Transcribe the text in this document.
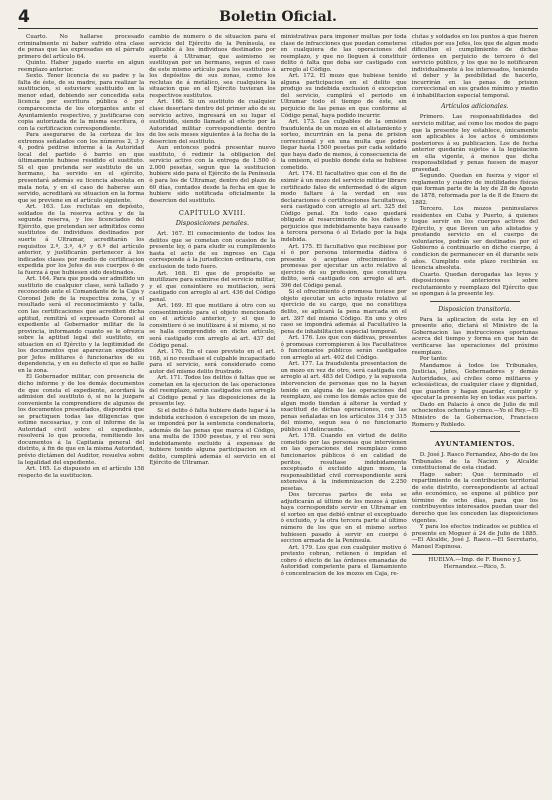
4	Boletin Oficial.

Cuarto. No hallarse procesado criminalmente ni haber sufrido otra clase de penas que las expresadas en el párrafo primero del artículo 64.

Quinto. Haber jugado suerte en algun reemplazo anterior.

Sexto. Tener licencia de su padre y la falta de éste, de su madre, para realizar la sustitucion, si estuviere sustituido en la menor edad, debiendo ser concedida esta licencia por escritura pública ó por comparecencia de los otorgantes ante el Ayuntamiento respectivo, y justificarse con copia autorizada de la misma escritura, ó con la certificacion correspondiente.

Para asegurarse de la certeza de los extremos señalados con los números 2, 3 y 4, podrá pedirse informe á la Autoridad local del partido ó barrio en que últimamente hubiese residido el sustituto. Si el que pretenda ser sustituto de un hermano, ha servido en el ejército, presentará además su licencia absoluta en mala nota, y en el caso de haberse aun servido, acreditará su situacion en la forma que se previene en el artículo siguiente.

Art. 163. Los reclutas en depósito, soldados de la reserva activa y de la segunda reserva, y los licenciados del Ejército, que pretendan ser admitidos como sustitutos de individuos destinados por suerte á Ultramar, acreditarán los requisitos 2.º, 3.º, 4.º y 6.º del artículo anterior, y justificarán pertenecer á los indicados clases por medio de certificacion expedida por los Jefes de sus cuerpos ó de la fuerza á que hubiesen sido destinados.

Art. 164. Para que pueda ser admitido un sustituto de cualquier clase, será tallado y reconocido ante el Comandante de la Caja y Coronel Jefe de la respectiva zona, y el resultado será el reconocimiento y talla, con las certificaciones que acrediten dicha aptitud, remitirá el expresado Coronel al expediente al Gobernador militar de la provincia, informando cuanto se le ofrezca sobre la aptitud legal del sustituto, en situacion en el Ejército y la legitimidad de los documentos que aparezcan expedidos por Jefes militares ó funcionarios de su dependencia, y en su defecto el que se halle en la zona.

El Gobernador militar, con presencia de dicho informe y de los demás documentos de que consta el expediente, acordará la admision del sustituto ó, si no la juzgare conveniente la comprendiere de algunos de los documentos presentados, dispondrá que se practiquen todas las diligencias que estime necesarias, y con el informe de la Autoridad civil sobre el expediente, resolverá lo que proceda, remitiendo los documentos á la Capitanía general del distrito, á fin de que en la misma Autoridad, prévio dictámen del Auditor, resuelva sobre la legalidad del expediente.

Art. 165. Lo dispuesto en el artículo 158 respecto de la sustitucion.

cambio de número ó de situacion para el servicio del Ejército de la Península, es aplicable á los individuos destinados por suerte á Ultramar, que asimismo se sustituyan por un hermano, segun el caso de este mismo artículo para los sustitutos á los depósitos de sus zonas, como los reclutas de á metálico, sea cualquiera la situacion que en el Ejército tuvieran los respectivos sustitutos.

Art. 166. Si un sustituto de cualquier clase desertare dentro del primer año de su servicio activo, ingresará en su lugar el sustituido, siendo llamado al efecto por la Autoridad militar correspondiente dentro de los seis meses siguientes á la fecha de la desercion del sustituto.

Aun entonces podrá presentar nuevo sustituto, ó redimir la obligacion del servicio activo con la entrega de 1.500 ó 2.000 pesetas, segun que la sustitucion hubiere sido para el Ejército de la Península ó para los de Ultramar, dentro del plazo de 60 días, contados desde la fecha en que le hubiere sido notificada oficialmente la desercion del sustituto.

CAPÍTULO XVIII.
Disposiciones penales.

Art. 167. El conocimiento de todos los delitos que se cometan con ocasion de la presente ley, ó para eludir su cumplimiento hasta el acto de su ingreso en Caja corresponde á la jurisdiccion ordinaria, con exclusion de todo fuero.

Art. 168. El que de propósito se inutilizare para eximirse del servicio militar, y el que consintiere su mutilacion, será castigado con arreglo al art. 436 del Código penal.

Art. 169. El que mutilare á otro con su consentimiento para el objeto mencionado en el artículo anterior, y el que lo consintiere ó se inutilizare á sí mismo, si no se halla comprendido en dicho artículo, será castigado con arreglo al art. 437 del Código penal.

Art. 170. En el caso previsto en el art. 168, si no resultase el culpable incapacitado para el servicio, será considerado como autor del mismo delito frustrado.

Art. 171. Todos los delitos ó faltas que se cometan en la ejecucion de las operaciones del reemplazo, serán castigados con arreglo al Código penal y las disposiciones de la presente ley.

Si el delito ó falta hubiere dado lugar á la indebida exclusion ó excepcion de un mozo, se impondrá por la sentencia condenatoria, además de las penas que marca el Código, una multa de 1500 pesetas, y el reo será indebidamente excluido á expensas de hubiere tenido alguna participacion en el delito, cumplirá además el servicio en el Ejército de Ultramar.

ministrativas para imponer multas por toda clase de infracciones que puedan cometerse en cualquiera de las operaciones del reemplazo, y que no lleguen á constituir delito ó falta que deba ser castigado con arreglo al Código.

Art. 172. El mozo que hubiese tenido alguna participacion en el delito que produjo su indebida exclusion ó excepcion del servicio, cumplirá el periodo en Ultramar todo el tiempo de éste, sin perjuicio de las penas en que conforme al Código penal, haya podido incurrir.

Art. 173. Los culpables de la omision fraudulenta de un mozo en el alistamiento y sorteo, incurrirán en la pena de prision correccional y en una multa que podrá llegar hasta 1500 pesetas por cada soldado que haya dado de menos, á consecuencia de la omision, el pueblo donde ésta se hubiese cometido.

Art. 174. El facultativo que con el fin de eximir á un mozo del servicio militar librare certificado falso de enfermedad ó de algun modo faltare á la verdad en sus declaraciones ó certificaciones facultativas, será castigado con arreglo al art. 325 del Código penal. En todo caso quedará obligado al resarcimiento de los daños y perjuicios que indebidamente haya causado á tercera persona ó al Estado por la baja indebida.

Art. 175. El facultativo que recibiese por sí ó por persona intermedia dádiva ó presente ó aceptase ofrecimientos ó promesas por ejecutar un acto relativo al ejercicio de su profesion, que constituya delito, será castigado con arreglo al art. 396 del Código penal.

Si el ofrecimiento ó promesa tuviese por objeto ejecutar un acto injusto relativo al ejercicio de su cargo, que no constituya delito, se aplicará la pena marcada en el art. 397 del mismo Código. En uno y otro caso se impondrá además al Facultativo la pena de inhabilitacion especial temporal.

Art. 176. Los que con dádivas, presentes ó promesas corrompieren á los Facultativos ó funcionarios públicos serán castigados con arreglo al art. 402 del Código.

Art. 177. La fraudulenta presentacion de un mozo en vez de otro, será castigada con arreglo al art. 483 del Código, y la supuesta intervencion de personas que no la hayan tenido en alguna de las operaciones del reemplazo, así como los demás actos que de algun modo tiendan á alterar la verdad y exactitud de dichas operaciones, con las penas señaladas en los artículos 314 y 315 del mismo, segun sea ó no funcionario público el delincuente.

Art. 178. Cuando en virtud de delito cometido por las personas que intervienen en las operaciones del reemplazo como funcionarios públicos ó en calidad de peritos, resultase indebidamente exceptuado ó excluido algun mozo, la responsabilidad civil correspondiente será extensiva á la indemnizacion de 2.250 pesetas.

Dos terceras partes de esta se adjudicarán al último de los mozos á quien haya correspondido servir en Ultramar en el sorteo en que debió entrar el exceptuado ó excluido, y la otra tercera parte al último número de los que en el mismo sorteo hubiesen pasado á servir en cuerpo ó seccion armada de la Península.

Art. 179. Los que con cualquier motivo ó pretexto cobran, retienen ó impidan el cobro ó efecto de las órdenes emanadas de Autoridad competente para el llamamiento ó concentracion de los mozos en Caja, re-

clutas y soldados en los puntos á que fueren citados por sus Jefes, los que de algun modo dificulten el cumplimiento de dichas órdenes en perjuicio de tercero ó del servicio público, y los que no lo notificaren individualmente á los interesados, teniendo el deber y la posibilidad de hacerlo, incurrirán en las penas de prision correccional en sus grados mínimo y medio é inhabilitacion especial temporal.

Artículos adicionales.

Primero. Las responsabilidades del servicio militar, así como los modos de pago que la presente ley establece, únicamente son aplicables á los actos ó omisiones posteriores á su publicacion. Los de fecha anterior quedarán sujetos á la legislacion en ella vigente, á menos que dicha responsabilidad y penas fuesen de mayor gravedad.

Segundo. Quedan en fuerza y vigor el reglamento y cuadro de inutilidades físicas que forman parte de la ley de 28 de Agosto de 1878, reformada por la de 8 de Enero de 1882.

Tercero. Los mozos peninsulares residentes en Cuba y Puerto, á quienes toque servir en los cuerpos activos del Ejército, y que lleven un año alistados y prestando servicio en el cuerpo de voluntarios, podrán ser destinados por el Gobierno á continuarlo en dicho cuerpo, á condicion de permanecer en él durante seis años. Cumplido este plazo recibirán su licencia absoluta.

Cuarto. Quedan derogadas las leyes y disposiciones anteriores sobre reclutamiento y reemplazo del Ejército que se opongan á la presente ley.

Disposicion transitoria.

Para la aplicacion de esta ley en el presente año, dictará el Ministro de la Gobernacion las instrucciones oportunas acerca del tiempo y forma en que han de verificarse las operaciones del próximo reemplazo.

Por tanto:

Mandamos á todos los Tribunales, Justicias, Jefes, Gobernadores y demás Autoridades, así civiles como militares y eclesiásticas, de cualquier clase y dignidad, que guarden y hagan guardar, cumplir y ejecutar la presente ley en todas sus partes.

Dado en Palacio á once de Julio de mil ochocientos ochenta y cinco.—Yo el Rey.—El Ministro de la Gobernacion, Francisco Romero y Robledo.

AYUNTAMIENTOS.

D. José J. Rasco Fernandez, Abo-do de los Tribunales de la Nacion y Alcalde constitucional de esta ciudad.

Hago saber: Que terminado el repartimiento de la contribucion territorial de este distrito, correspondiente al actual año económico, se expone al público por término de ocho días, para que los contribuyentes interesados puedan usar del derecho que les conceden las disposiciones vigentes.

Y para los efectos indicados se publica el presente en Moguer á 24 de Julio de 1885.—El Alcalde, José J. Rasco.—El Secretario, Manuel Espinosa.

HUELVA.—Imp. de F. Bueno y J. Hernandez.—Rico, 5.
